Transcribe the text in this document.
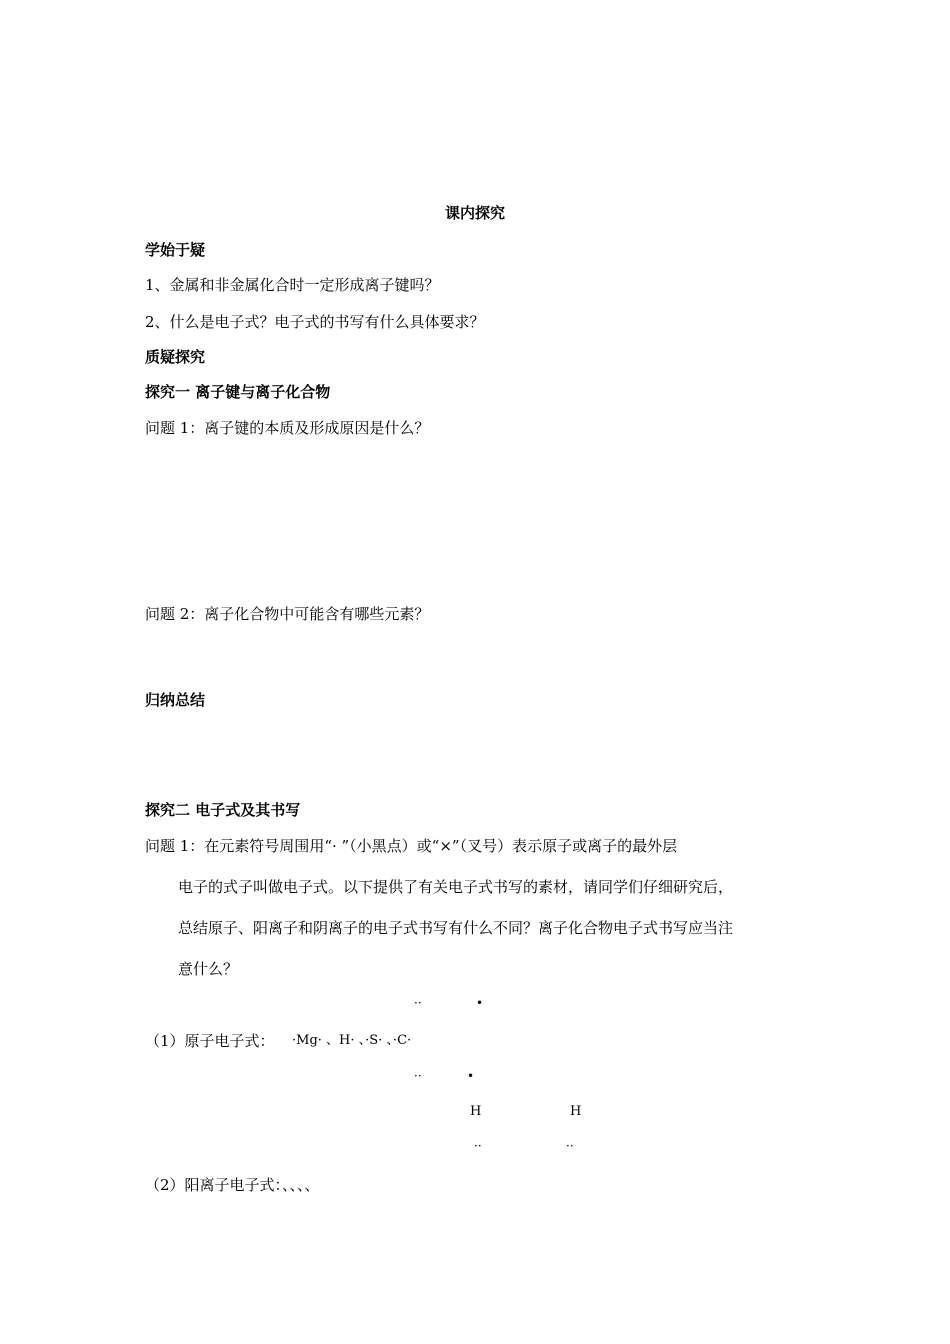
课内探究
学始于疑
1、金属和非金属化合时一定形成离子键吗？
2、什么是电子式？电子式的书写有什么具体要求？
质疑探究
探究一 离子键与离子化合物
问题 1：离子键的本质及形成原因是什么？
问题 2：离子化合物中可能含有哪些元素？
归纳总结
探究二 电子式及其书写
问题 1：在元素符号周围用“· ”（小黑点）或“×”（叉号）表示原子或离子的最外层
电子的式子叫做电子式。以下提供了有关电子式书写的素材，请同学们仔细研究后，
总结原子、阳离子和阴离子的电子式书写有什么不同？离子化合物电子式书写应当注
意什么？
··	•
（1）原子电子式： ·Mg· 、H· 、·S· 、·C·
··	•
H	H
··	··
（2）阳离子电子式：、、、、
